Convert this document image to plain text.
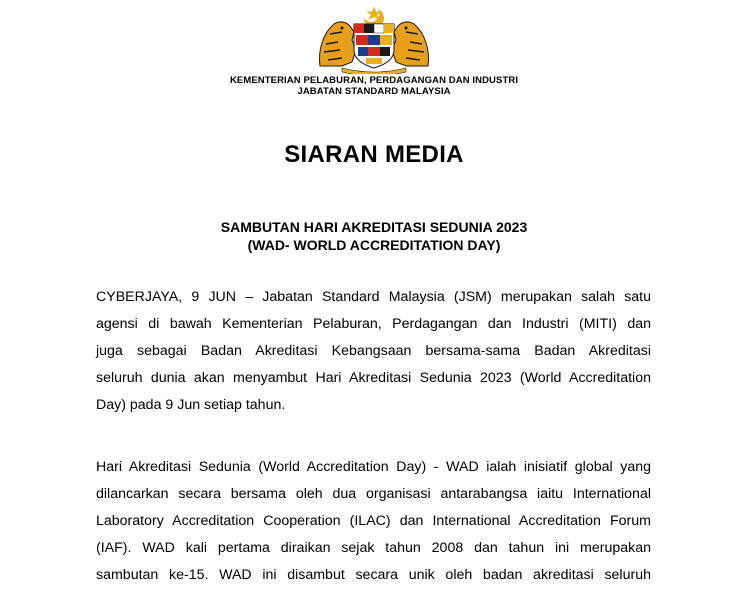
KEMENTERIAN PELABURAN, PERDAGANGAN DAN INDUSTRI
JABATAN STANDARD MALAYSIA
SIARAN MEDIA
SAMBUTAN HARI AKREDITASI SEDUNIA 2023
(WAD- WORLD ACCREDITATION DAY)
CYBERJAYA, 9 JUN – Jabatan Standard Malaysia (JSM) merupakan salah satu
agensi di bawah Kementerian Pelaburan, Perdagangan dan Industri (MITI) dan
juga sebagai Badan Akreditasi Kebangsaan bersama-sama Badan Akreditasi
seluruh dunia akan menyambut Hari Akreditasi Sedunia 2023 (World Accreditation
Day) pada 9 Jun setiap tahun.
Hari Akreditasi Sedunia (World Accreditation Day) - WAD ialah inisiatif global yang
dilancarkan secara bersama oleh dua organisasi antarabangsa iaitu International
Laboratory Accreditation Cooperation (ILAC) dan International Accreditation Forum
(IAF). WAD kali pertama diraikan sejak tahun 2008 dan tahun ini merupakan
sambutan ke-15. WAD ini disambut secara unik oleh badan akreditasi seluruh
